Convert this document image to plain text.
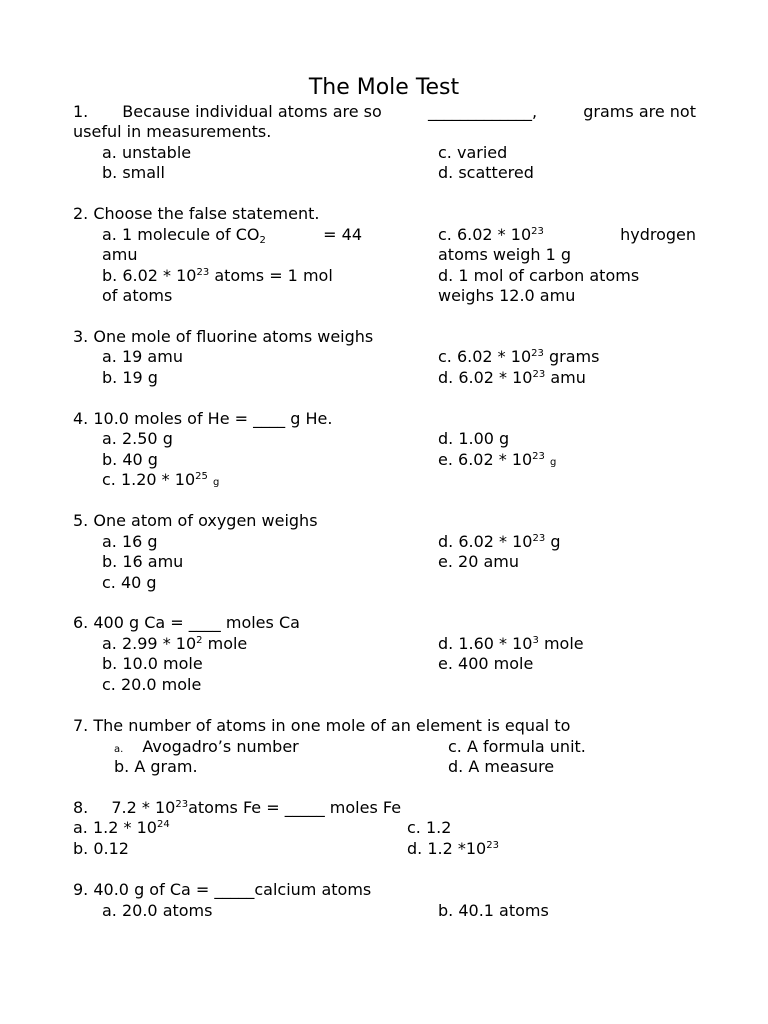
The Mole Test
1. Because individual atoms are so	_____________,	grams are not
useful in measurements.
a. unstable
b. small
c. varied
d. scattered
2. Choose the false statement.
a. 1 molecule of $CO_2$	= 44
amu
b. $6.02 * 10^{23}$ atoms = 1 mol
of atoms
c. $6.02 * 10^{23}$	hydrogen
atoms weigh 1 g
d. 1 mol of carbon atoms
weighs 12.0 amu
3. One mole of fluorine atoms weighs
a. 19 amu
b. 19 g
c. $6.02 * 10^{23}$ grams
d. $6.02 * 10^{23}$ amu
4. 10.0 moles of He = ____ g He.
a. 2.50 g
b. 40 g
c. $1.20 * 10^{25}$ g
d. 1.00 g
e. $6.02 * 10^{23}$ g
5. One atom of oxygen weighs
a. 16 g
b. 16 amu
c. 40 g
d. $6.02 * 10^{23}$ g
e. 20 amu
6. 400 g Ca = ____ moles Ca
a. $2.99 * 10^2$ mole
b. 10.0 mole
c. 20.0 mole
d. $1.60 * 10^3$ mole
e. 400 mole
7. The number of atoms in one mole of an element is equal to
a. Avogadro’s number
b. A gram.
c. A formula unit.
d. A measure
8. $7.2 * 10^{23}atoms$ Fe = _____ moles Fe
a. $1.2 * 10^{24}$
b. 0.12
c. 1.2
d. 1.2 $*10^{23}$
9. 40.0 g of Ca = _____calcium atoms
a. 20.0 atoms	b. 40.1 atoms
